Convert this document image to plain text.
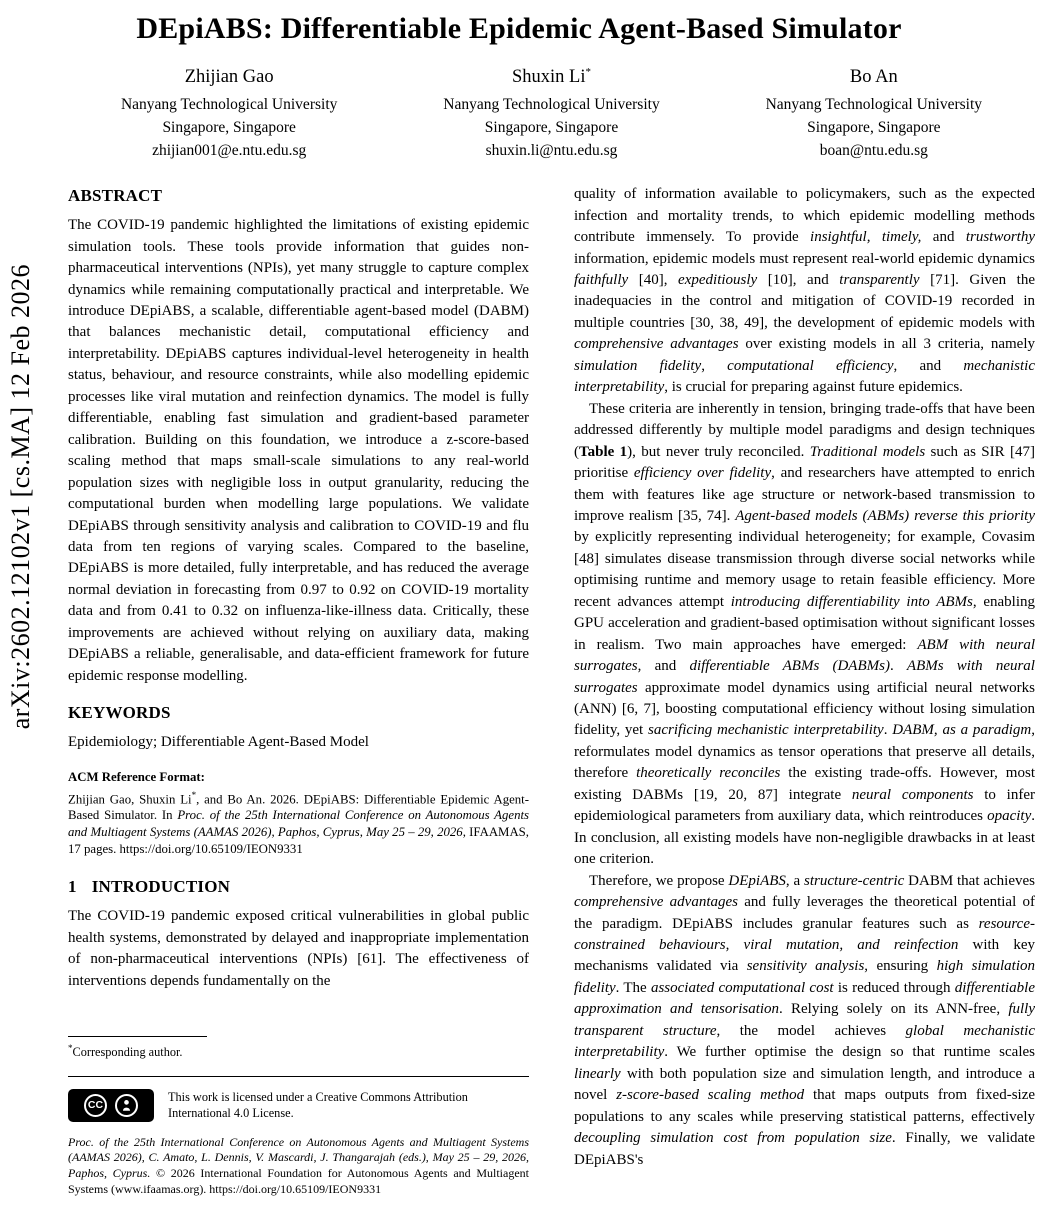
arXiv:2602.12102v1 [cs.MA] 12 Feb 2026
DEpiABS: Differentiable Epidemic Agent-Based Simulator
Zhijian Gao
Nanyang Technological University
Singapore, Singapore
zhijian001@e.ntu.edu.sg
Shuxin Li*
Nanyang Technological University
Singapore, Singapore
shuxin.li@ntu.edu.sg
Bo An
Nanyang Technological University
Singapore, Singapore
boan@ntu.edu.sg
ABSTRACT

The COVID-19 pandemic highlighted the limitations of existing epidemic simulation tools. These tools provide information that guides non-pharmaceutical interventions (NPIs), yet many struggle to capture complex dynamics while remaining computationally practical and interpretable. We introduce DEpiABS, a scalable, differentiable agent-based model (DABM) that balances mechanistic detail, computational efficiency and interpretability. DEpiABS captures individual-level heterogeneity in health status, behaviour, and resource constraints, while also modelling epidemic processes like viral mutation and reinfection dynamics. The model is fully differentiable, enabling fast simulation and gradient-based parameter calibration. Building on this foundation, we introduce a z-score-based scaling method that maps small-scale simulations to any real-world population sizes with negligible loss in output granularity, reducing the computational burden when modelling large populations. We validate DEpiABS through sensitivity analysis and calibration to COVID-19 and flu data from ten regions of varying scales. Compared to the baseline, DEpiABS is more detailed, fully interpretable, and has reduced the average normal deviation in forecasting from 0.97 to 0.92 on COVID-19 mortality data and from 0.41 to 0.32 on influenza-like-illness data. Critically, these improvements are achieved without relying on auxiliary data, making DEpiABS a reliable, generalisable, and data-efficient framework for future epidemic response modelling.

KEYWORDS

Epidemiology; Differentiable Agent-Based Model

ACM Reference Format:

Zhijian Gao, Shuxin Li*, and Bo An. 2026. DEpiABS: Differentiable Epidemic Agent-Based Simulator. In Proc. of the 25th International Conference on Autonomous Agents and Multiagent Systems (AAMAS 2026), Paphos, Cyprus, May 25 – 29, 2026, IFAAMAS, 17 pages. https://doi.org/10.65109/IEON9331

1 INTRODUCTION

The COVID-19 pandemic exposed critical vulnerabilities in global public health systems, demonstrated by delayed and inappropriate implementation of non-pharmaceutical interventions (NPIs) [61]. The effectiveness of interventions depends fundamentally on the

*Corresponding author.

CC
This work is licensed under a Creative Commons Attribution International 4.0 License.

Proc. of the 25th International Conference on Autonomous Agents and Multiagent Systems (AAMAS 2026), C. Amato, L. Dennis, V. Mascardi, J. Thangarajah (eds.), May 25 – 29, 2026, Paphos, Cyprus. © 2026 International Foundation for Autonomous Agents and Multiagent Systems (www.ifaamas.org). https://doi.org/10.65109/IEON9331

quality of information available to policymakers, such as the expected infection and mortality trends, to which epidemic modelling methods contribute immensely. To provide insightful, timely, and trustworthy information, epidemic models must represent real-world epidemic dynamics faithfully [40], expeditiously [10], and transparently [71]. Given the inadequacies in the control and mitigation of COVID-19 recorded in multiple countries [30, 38, 49], the development of epidemic models with comprehensive advantages over existing models in all 3 criteria, namely simulation fidelity, computational efficiency, and mechanistic interpretability, is crucial for preparing against future epidemics.

These criteria are inherently in tension, bringing trade-offs that have been addressed differently by multiple model paradigms and design techniques (Table 1), but never truly reconciled. Traditional models such as SIR [47] prioritise efficiency over fidelity, and researchers have attempted to enrich them with features like age structure or network-based transmission to improve realism [35, 74]. Agent-based models (ABMs) reverse this priority by explicitly representing individual heterogeneity; for example, Covasim [48] simulates disease transmission through diverse social networks while optimising runtime and memory usage to retain feasible efficiency. More recent advances attempt introducing differentiability into ABMs, enabling GPU acceleration and gradient-based optimisation without significant losses in realism. Two main approaches have emerged: ABM with neural surrogates, and differentiable ABMs (DABMs). ABMs with neural surrogates approximate model dynamics using artificial neural networks (ANN) [6, 7], boosting computational efficiency without losing simulation fidelity, yet sacrificing mechanistic interpretability. DABM, as a paradigm, reformulates model dynamics as tensor operations that preserve all details, therefore theoretically reconciles the existing trade-offs. However, most existing DABMs [19, 20, 87] integrate neural components to infer epidemiological parameters from auxiliary data, which reintroduces opacity. In conclusion, all existing models have non-negligible drawbacks in at least one criterion.

Therefore, we propose DEpiABS, a structure-centric DABM that achieves comprehensive advantages and fully leverages the theoretical potential of the paradigm. DEpiABS includes granular features such as resource-constrained behaviours, viral mutation, and reinfection with key mechanisms validated via sensitivity analysis, ensuring high simulation fidelity. The associated computational cost is reduced through differentiable approximation and tensorisation. Relying solely on its ANN-free, fully transparent structure, the model achieves global mechanistic interpretability. We further optimise the design so that runtime scales linearly with both population size and simulation length, and introduce a novel z-score-based scaling method that maps outputs from fixed-size populations to any scales while preserving statistical patterns, effectively decoupling simulation cost from population size. Finally, we validate DEpiABS's
